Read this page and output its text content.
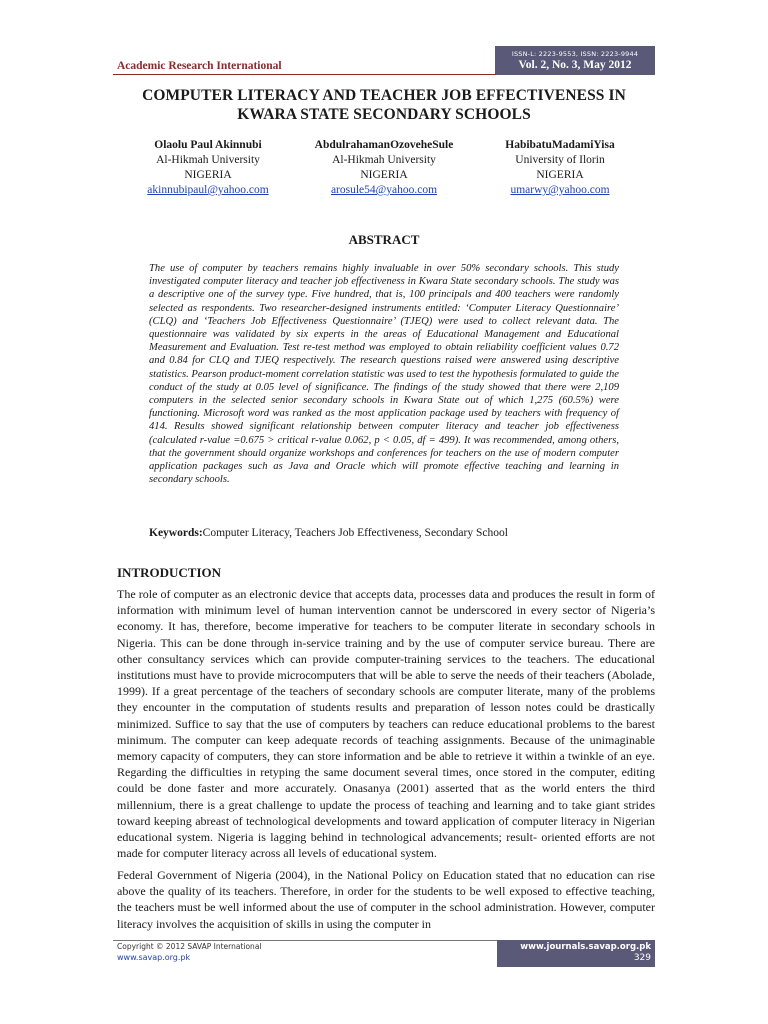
ISSN-L: 2223-9553, ISSN: 2223-9944
Vol. 2, No. 3, May 2012
Academic Research International
COMPUTER LITERACY AND TEACHER JOB EFFECTIVENESS IN KWARA STATE SECONDARY SCHOOLS
Olaolu Paul Akinnubi
Al-Hikmah University
NIGERIA
akinnubipaul@yahoo.com
AbdulrahamanOzoveheSule
Al-Hikmah University
NIGERIA
arosule54@yahoo.com
HabibatuMadamiYisa
University of Ilorin
NIGERIA
umarwy@yahoo.com
ABSTRACT
The use of computer by teachers remains highly invaluable in over 50% secondary schools. This study investigated computer literacy and teacher job effectiveness in Kwara State secondary schools. The study was a descriptive one of the survey type. Five hundred, that is, 100 principals and 400 teachers were randomly selected as respondents. Two researcher-designed instruments entitled: ‘Computer Literacy Questionnaire’ (CLQ) and ‘Teachers Job Effectiveness Questionnaire’ (TJEQ) were used to collect relevant data. The questionnaire was validated by six experts in the areas of Educational Management and Educational Measurement and Evaluation. Test re-test method was employed to obtain reliability coefficient values 0.72 and 0.84 for CLQ and TJEQ respectively. The research questions raised were answered using descriptive statistics. Pearson product-moment correlation statistic was used to test the hypothesis formulated to guide the conduct of the study at 0.05 level of significance. The findings of the study showed that there were 2,109 computers in the selected senior secondary schools in Kwara State out of which 1,275 (60.5%) were functioning. Microsoft word was ranked as the most application package used by teachers with frequency of 414. Results showed significant relationship between computer literacy and teacher job effectiveness (calculated r-value =0.675 > critical r-value 0.062, p < 0.05, df = 499). It was recommended, among others, that the government should organize workshops and conferences for teachers on the use of modern computer application packages such as Java and Oracle which will promote effective teaching and learning in secondary schools.
Keywords:Computer Literacy, Teachers Job Effectiveness, Secondary School
INTRODUCTION
The role of computer as an electronic device that accepts data, processes data and produces the result in form of information with minimum level of human intervention cannot be underscored in every sector of Nigeria’s economy. It has, therefore, become imperative for teachers to be computer literate in secondary schools in Nigeria. This can be done through in-service training and by the use of computer service bureau. There are other consultancy services which can provide computer-training services to the teachers. The educational institutions must have to provide microcomputers that will be able to serve the needs of their teachers (Abolade, 1999). If a great percentage of the teachers of secondary schools are computer literate, many of the problems they encounter in the computation of students results and preparation of lesson notes could be drastically minimized. Suffice to say that the use of computers by teachers can reduce educational problems to the barest minimum. The computer can keep adequate records of teaching assignments. Because of the unimaginable memory capacity of computers, they can store information and be able to retrieve it within a twinkle of an eye. Regarding the difficulties in retyping the same document several times, once stored in the computer, editing could be done faster and more accurately. Onasanya (2001) asserted that as the world enters the third millennium, there is a great challenge to update the process of teaching and learning and to take giant strides toward keeping abreast of technological developments and toward application of computer literacy in Nigerian educational system. Nigeria is lagging behind in technological advancements; result- oriented efforts are not made for computer literacy across all levels of educational system.
Federal Government of Nigeria (2004), in the National Policy on Education stated that no education can rise above the quality of its teachers. Therefore, in order for the students to be well exposed to effective teaching, the teachers must be well informed about the use of computer in the school administration. However, computer literacy involves the acquisition of skills in using the computer in
Copyright © 2012 SAVAP International
www.savap.org.pk
www.journals.savap.org.pk
329
